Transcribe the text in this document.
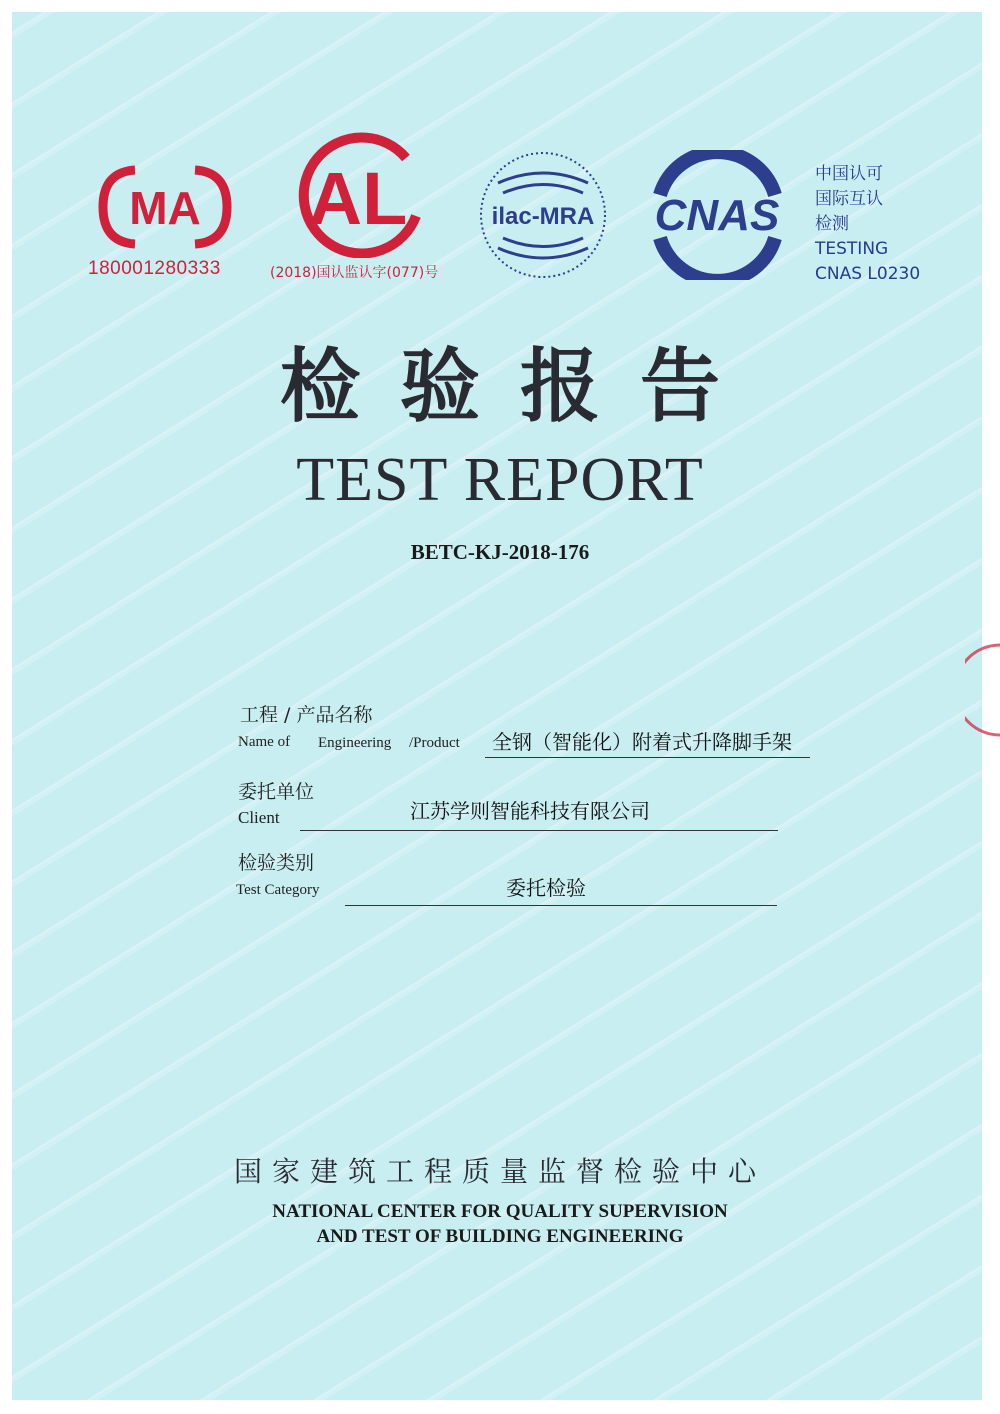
MA
180001280333
AL
(2018)国认监认字(077)号
ilac-MRA CNAS
中国认可
国际互认
检测
TESTING
CNAS L0230
检验报告
TEST REPORT
BETC-KJ-2018-176
工程 / 产品名称
Name of Engineering /Product 全钢（智能化）附着式升降脚手架
委托单位
Client	江苏学则智能科技有限公司
检验类别
Test Category	委托检验
国家建筑工程质量监督检验中心
NATIONAL CENTER FOR QUALITY SUPERVISION
AND TEST OF BUILDING ENGINEERING
